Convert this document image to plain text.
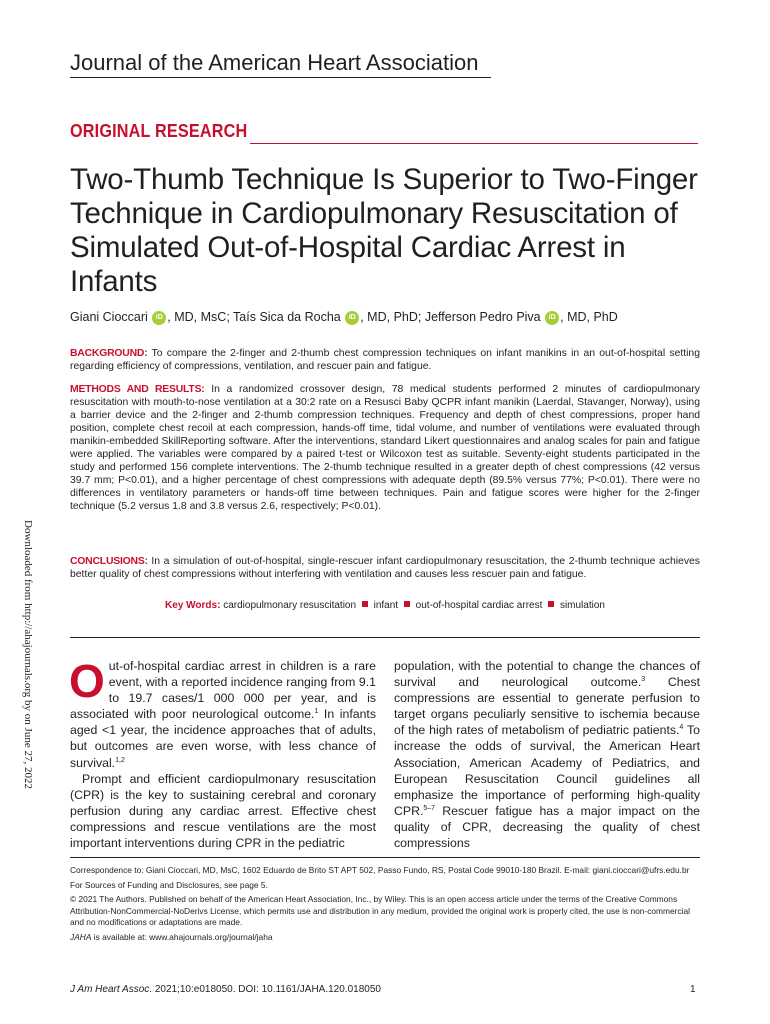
Journal of the American Heart Association
ORIGINAL RESEARCH
Two-Thumb Technique Is Superior to Two-Finger Technique in Cardiopulmonary Resuscitation of Simulated Out-of-Hospital Cardiac Arrest in Infants
Giani Cioccari iD , MD, MsC; Taís Sica da Rocha iD , MD, PhD; Jefferson Pedro Piva iD , MD, PhD

BACKGROUND: To compare the 2-finger and 2-thumb chest compression techniques on infant manikins in an out-of-hospital setting regarding efficiency of compressions, ventilation, and rescuer pain and fatigue.

METHODS AND RESULTS: In a randomized crossover design, 78 medical students performed 2 minutes of cardiopulmonary resuscitation with mouth-to-nose ventilation at a 30:2 rate on a Resusci Baby QCPR infant manikin (Laerdal, Stavanger, Norway), using a barrier device and the 2-finger and 2-thumb compression techniques. Frequency and depth of chest compressions, proper hand position, complete chest recoil at each compression, hands-off time, tidal volume, and number of ventilations were evaluated through manikin-embedded SkillReporting software. After the interventions, standard Likert questionnaires and analog scales for pain and fatigue were applied. The variables were compared by a paired t-test or Wilcoxon test as suitable. Seventy-eight students participated in the study and performed 156 complete interventions. The 2-thumb technique resulted in a greater depth of chest compressions (42 versus 39.7 mm; P<0.01), and a higher percentage of chest compressions with adequate depth (89.5% versus 77%; P<0.01). There were no differences in ventilatory parameters or hands-off time between techniques. Pain and fatigue scores were higher for the 2-finger technique (5.2 versus 1.8 and 3.8 versus 2.6, respectively; P<0.01).

CONCLUSIONS: In a simulation of out-of-hospital, single-rescuer infant cardiopulmonary resuscitation, the 2-thumb technique achieves better quality of chest compressions without interfering with ventilation and causes less rescuer pain and fatigue.

Key Words: cardiopulmonary resuscitation infant out-of-hospital cardiac arrest simulation

Out-of-hospital cardiac arrest in children is a rare event, with a reported incidence ranging from 9.1 to 19.7 cases/1 000 000 per year, and is associated with poor neurological outcome.$^1$ In infants aged <1 year, the incidence approaches that of adults, but outcomes are even worse, with less chance of survival.$^{1,2}$

Prompt and efficient cardiopulmonary resuscitation (CPR) is the key to sustaining cerebral and coronary perfusion during any cardiac arrest. Effective chest compressions and rescue ventilations are the most important interventions during CPR in the pediatric

population, with the potential to change the chances of survival and neurological outcome.$^3$ Chest compressions are essential to generate perfusion to target organs peculiarly sensitive to ischemia because of the high rates of metabolism of pediatric patients.$^4$ To increase the odds of survival, the American Heart Association, American Academy of Pediatrics, and European Resuscitation Council guidelines all emphasize the importance of performing high-quality CPR.$^{5-7}$ Rescuer fatigue has a major impact on the quality of CPR, decreasing the quality of chest compressions

Correspondence to: Giani Cioccari, MD, MsC, 1602 Eduardo de Brito ST APT 502, Passo Fundo, RS, Postal Code 99010-180 Brazil. E-mail: giani.cioccari@ufrs.edu.br

For Sources of Funding and Disclosures, see page 5.

© 2021 The Authors. Published on behalf of the American Heart Association, Inc., by Wiley. This is an open access article under the terms of the Creative Commons Attribution-NonCommercial-NoDerivs License, which permits use and distribution in any medium, provided the original work is properly cited, the use is non-commercial and no modifications or adaptations are made.

JAHA is available at: www.ahajournals.org/journal/jaha

J Am Heart Assoc. 2021;10:e018050. DOI: 10.1161/JAHA.120.018050	1
Downloaded from http://ahajournals.org by on June 27, 2022
